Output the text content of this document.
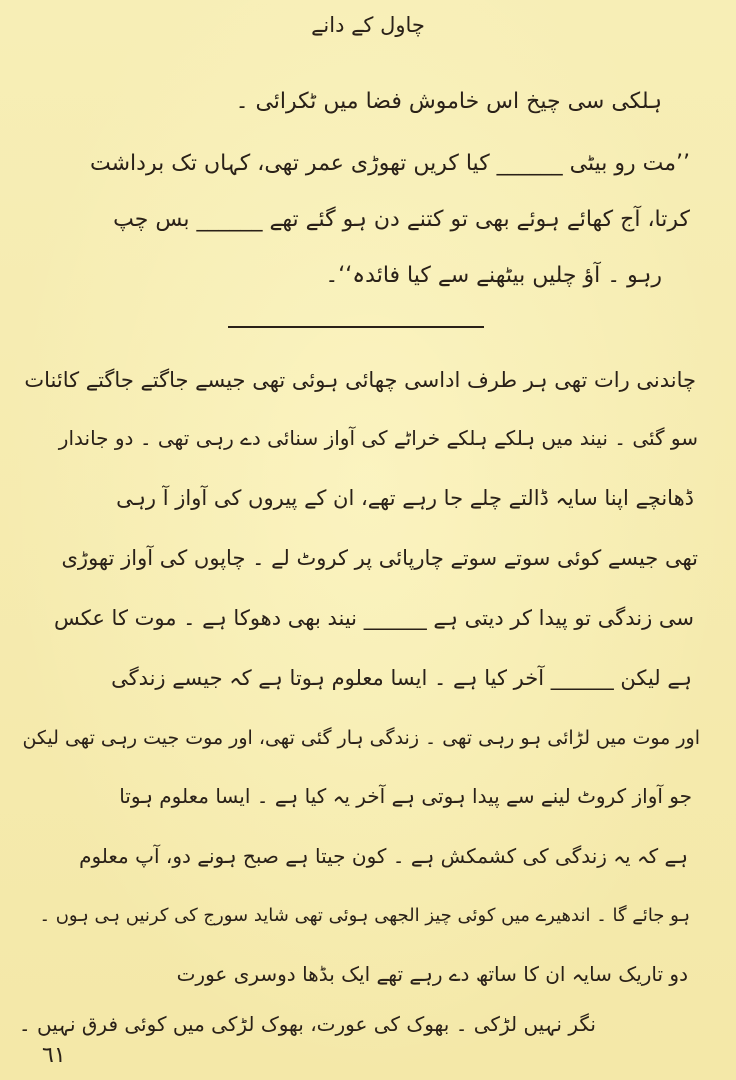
چاول کے دانے
ہلکی سی چیخ اس خاموش فضا میں ٹکرائی ۔
’’مت رو بیٹی ______ کیا کریں تھوڑی عمر تھی، کہاں تک برداشت
کرتا، آج کھائے ہوئے بھی تو کتنے دن ہو گئے تھے ______ بس چپ
رہو ۔ آؤ چلیں بیٹھنے سے کیا فائدہ‘‘۔
چاندنی رات تھی ہر طرف اداسی چھائی ہوئی تھی جیسے جاگتے جاگتے کائنات
سو گئی ۔ نیند میں ہلکے ہلکے خراٹے کی آواز سنائی دے رہی تھی ۔ دو جاندار
ڈھانچے اپنا سایہ ڈالتے چلے جا رہے تھے، ان کے پیروں کی آواز آ رہی
تھی جیسے کوئی سوتے سوتے چارپائی پر کروٹ لے ۔ چاپوں کی آواز تھوڑی
سی زندگی تو پیدا کر دیتی ہے ______ نیند بھی دھوکا ہے ۔ موت کا عکس
ہے لیکن ______ آخر کیا ہے ۔ ایسا معلوم ہوتا ہے کہ جیسے زندگی
اور موت میں لڑائی ہو رہی تھی ۔ زندگی ہار گئی تھی، اور موت جیت رہی تھی لیکن
جو آواز کروٹ لینے سے پیدا ہوتی ہے آخر یہ کیا ہے ۔ ایسا معلوم ہوتا
ہے کہ یہ زندگی کی کشمکش ہے ۔ کون جیتا ہے صبح ہونے دو، آپ معلوم
ہو جائے گا ۔ اندھیرے میں کوئی چیز الجھی ہوئی تھی شاید سورج کی کرنیں ہی ہوں ۔
دو تاریک سایہ ان کا ساتھ دے رہے تھے ایک بڈھا دوسری عورت
نگر نہیں لڑکی ۔ بھوک کی عورت، بھوک لڑکی میں کوئی فرق نہیں ۔
٦١
